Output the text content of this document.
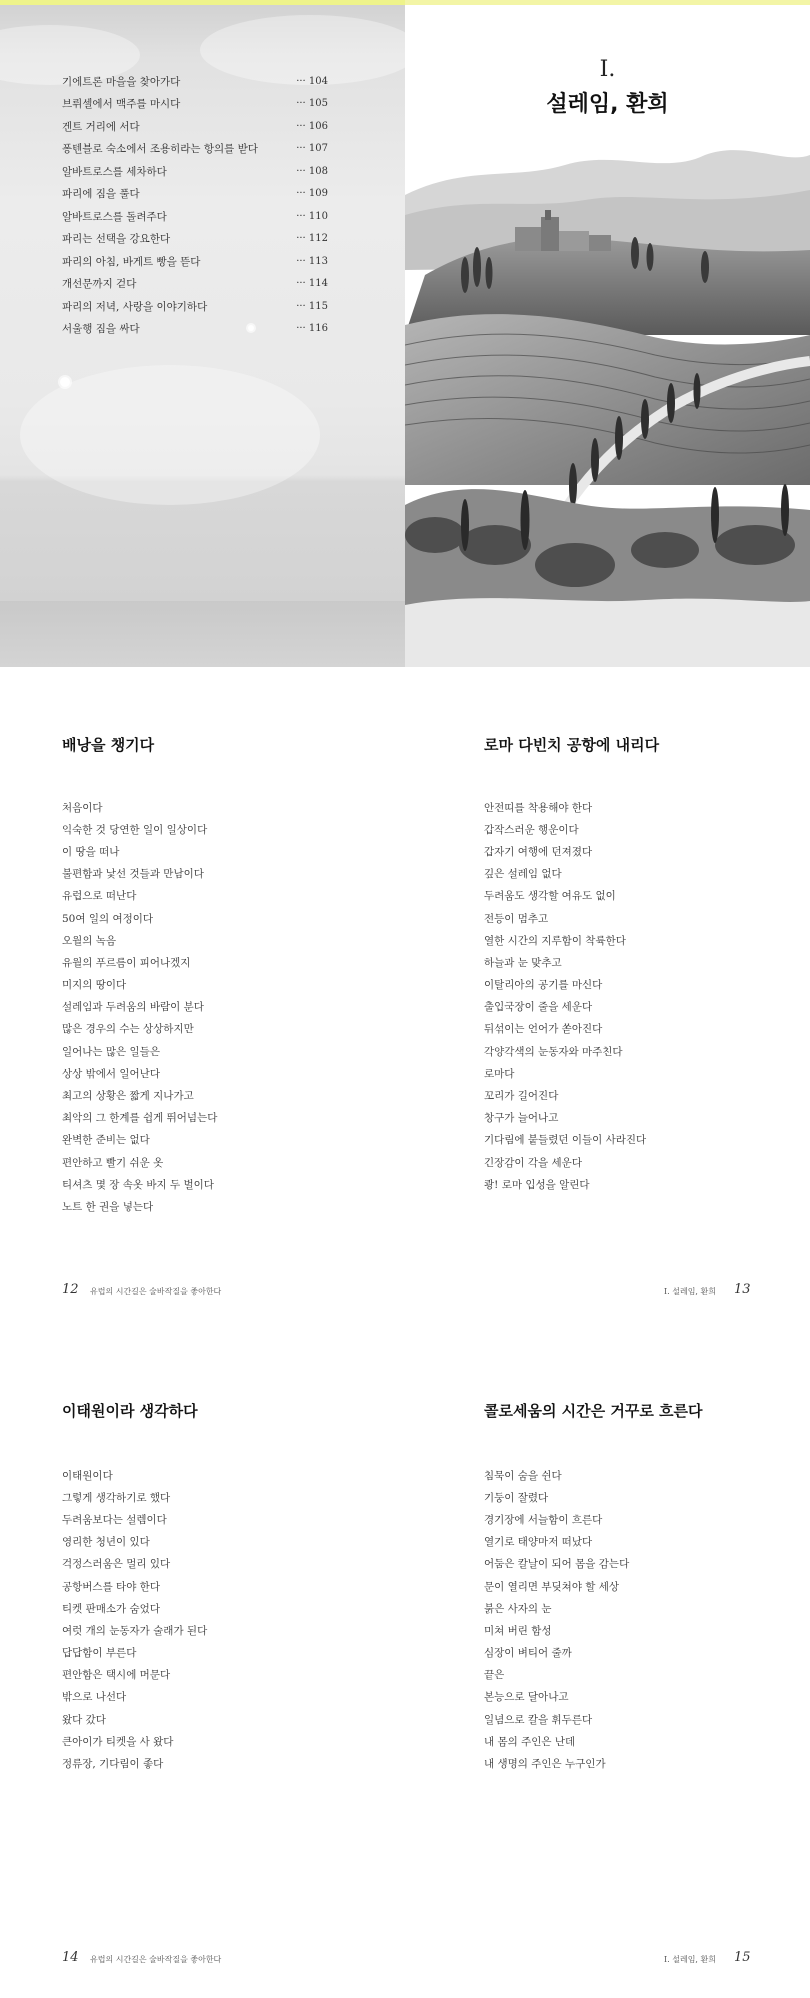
기에트론 마을을 찾아가다	··· 104
브뤼셀에서 맥주를 마시다	··· 105
겐트 거리에 서다	··· 106
퐁텐블로 숙소에서 조용히라는 항의를 받다	··· 107
알바트로스를 세차하다	··· 108
파리에 짐을 풀다	··· 109
알바트로스를 돌려주다	··· 110
파리는 선택을 강요한다	··· 112
파리의 아침, 바게트 빵을 뜯다	··· 113
개선문까지 걷다	··· 114
파리의 저녁, 사랑을 이야기하다	··· 115
서울행 짐을 싸다	··· 116
I.
설레임, 환희
배낭을 챙기다
처음이다
익숙한 것 당연한 일이 일상이다
이 땅을 떠나
불편함과 낯선 것들과 만남이다
유럽으로 떠난다
50여 일의 여정이다
오월의 녹음
유월의 푸르름이 피어나겠지
미지의 땅이다
설레임과 두려움의 바람이 분다
많은 경우의 수는 상상하지만
일어나는 많은 일들은
상상 밖에서 일어난다
최고의 상황은 짧게 지나가고
최악의 그 한계를 쉽게 뛰어넘는다
완벽한 준비는 없다
편안하고 빨기 쉬운 옷
티셔츠 몇 장 속옷 바지 두 벌이다
노트 한 권을 넣는다
12 유럽의 시간길은 술바작질을 좋아한다
로마 다빈치 공항에 내리다
안전띠를 착용해야 한다
갑작스러운 행운이다
갑자기 여행에 던져졌다
깊은 설레임 없다
두려움도 생각할 여유도 없이
전등이 멈추고
열한 시간의 지루함이 착륙한다
하늘과 눈 맞추고
이탈리아의 공기를 마신다
출입국장이 줄을 세운다
뒤섞이는 언어가 쏟아진다
각양각색의 눈동자와 마주친다
로마다
꼬리가 길어진다
창구가 늘어나고
기다림에 붙들렸던 이들이 사라진다
긴장감이 각을 세운다
쾅! 로마 입성을 알린다
I. 설레임, 환희 13
이태원이라 생각하다
이태원이다
그렇게 생각하기로 했다
두려움보다는 설렘이다
영리한 청년이 있다
걱정스러움은 멀리 있다
공항버스를 타야 한다
티켓 판매소가 숨었다
여럿 개의 눈동자가 술래가 된다
답답함이 부른다
편안함은 택시에 머문다
밖으로 나선다
왔다 갔다
큰아이가 티켓을 사 왔다
정류장, 기다림이 좋다
14 유럽의 시간길은 술바작질을 좋아한다
콜로세움의 시간은 거꾸로 흐른다
침묵이 숨을 쉰다
기둥이 잘렸다
경기장에 서늘함이 흐른다
열기로 태양마저 떠났다
어둠은 칼날이 되어 몸을 감는다
문이 열리면 부딪쳐야 할 세상
붉은 사자의 눈
미쳐 버린 함성
심장이 벼티어 줄까
끝은
본능으로 달아나고
일념으로 칼을 휘두른다
내 몸의 주인은 난데
내 생명의 주인은 누구인가
I. 설레임, 환희 15
